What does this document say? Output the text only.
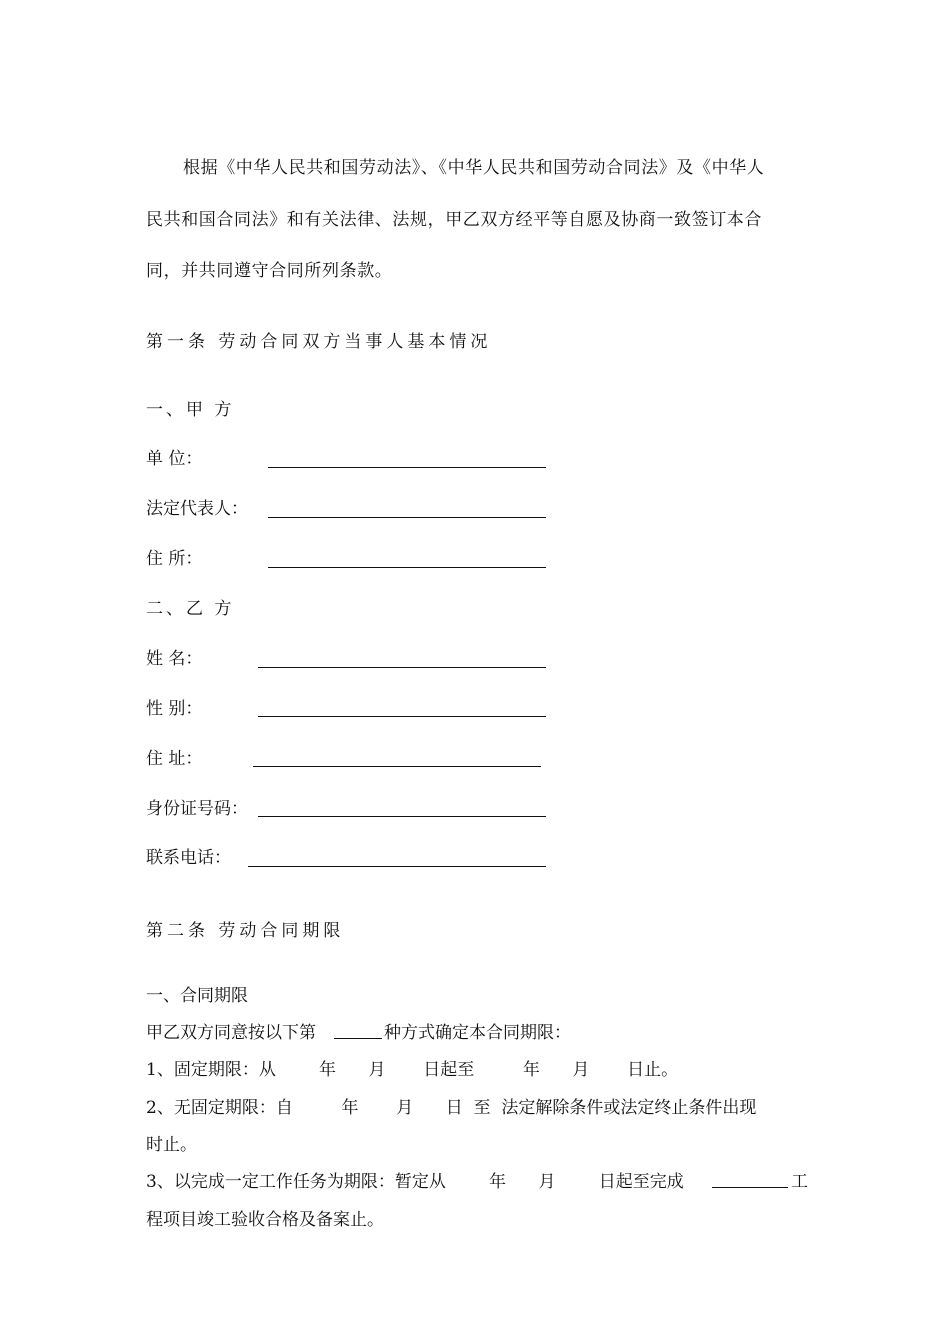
根据《中华人民共和国劳动法》、《中华人民共和国劳动合同法》及《中华人
民共和国合同法》和有关法律、法规，甲乙双方经平等自愿及协商一致签订本合
同，并共同遵守合同所列条款。
第一条 劳动合同双方当事人基本情况
一、甲 方
单 位：
法定代表人：
住 所：
二、乙 方
姓 名：
性 别：
住 址：
身份证号码：
联系电话：
第二条 劳动合同期限
一、合同期限
甲乙双方同意按以下第	种方式确定本合同期限：
1、固定期限：从        年      月       日起至         年      月       日止。
2、无固定期限：自         年       月      日  至  法定解除条件或法定终止条件出现
时止。
3、以完成一定工作任务为期限：暂定从        年      月        日起至完成	工
程项目竣工验收合格及备案止。
